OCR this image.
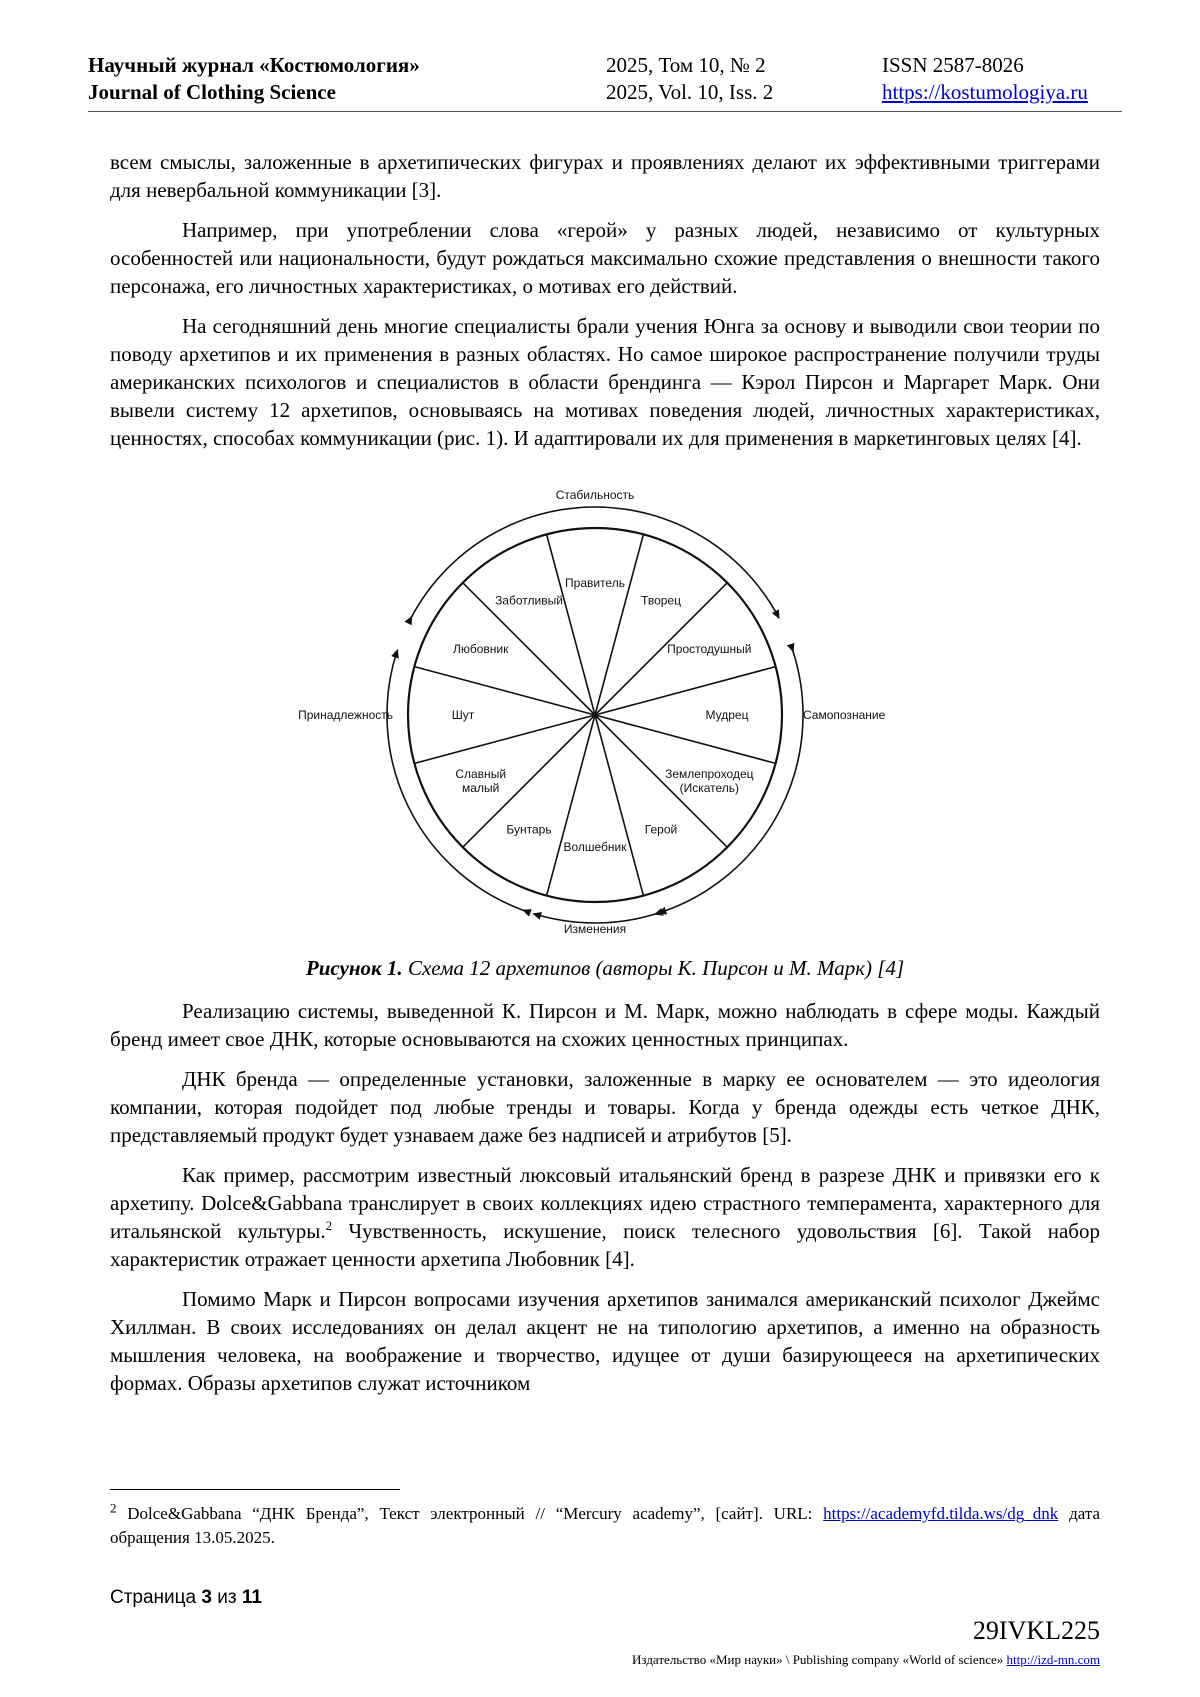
Научный журнал «Костюмология»
Journal of Clothing Science
2025, Том 10, № 2
2025, Vol. 10, Iss. 2
ISSN 2587-8026
https://kostumologiya.ru

всем смыслы, заложенные в архетипических фигурах и проявлениях делают их эффективными триггерами для невербальной коммуникации [3].

Например, при употреблении слова «герой» у разных людей, независимо от культурных особенностей или национальности, будут рождаться максимально схожие представления о внешности такого персонажа, его личностных характеристиках, о мотивах его действий.

На сегодняшний день многие специалисты брали учения Юнга за основу и выводили свои теории по поводу архетипов и их применения в разных областях. Но самое широкое распространение получили труды американских психологов и специалистов в области брендинга — Кэрол Пирсон и Маргарет Марк. Они вывели систему 12 архетипов, основываясь на мотивах поведения людей, личностных характеристиках, ценностях, способах коммуникации (рис. 1). И адаптировали их для применения в маркетинговых целях [4].

Правитель
Творец
Простодушный
Мудрец
Землепроходец (Искатель)
Герой
Волшебник
Бунтарь
Славный малый
Шут
Любовник
Заботливый
Стабильность
Самопознание
Изменения
Принадлежность
Рисунок 1. Схема 12 архетипов (авторы К. Пирсон и М. Марк) [4]

Реализацию системы, выведенной К. Пирсон и М. Марк, можно наблюдать в сфере моды. Каждый бренд имеет свое ДНК, которые основываются на схожих ценностных принципах.

ДНК бренда — определенные установки, заложенные в марку ее основателем — это идеология компании, которая подойдет под любые тренды и товары. Когда у бренда одежды есть четкое ДНК, представляемый продукт будет узнаваем даже без надписей и атрибутов [5].

Как пример, рассмотрим известный люксовый итальянский бренд в разрезе ДНК и привязки его к архетипу. Dolce&Gabbana транслирует в своих коллекциях идею страстного темперамента, характерного для итальянской культуры.$^2$ Чувственность, искушение, поиск телесного удовольствия [6]. Такой набор характеристик отражает ценности архетипа Любовник [4].

Помимо Марк и Пирсон вопросами изучения архетипов занимался американский психолог Джеймс Хиллман. В своих исследованиях он делал акцент не на типологию архетипов, а именно на образность мышления человека, на воображение и творчество, идущее от души базирующееся на архетипических формах. Образы архетипов служат источником

$^2$ Dolce&Gabbana “ДНК Бренда”, Текст электронный // “Mercury academy”, [сайт]. URL: https://academyfd.tilda.ws/dg_dnk дата обращения 13.05.2025.
Страница 3 из 11
29IVKL225
Издательство «Мир науки» \ Publishing company «World of science» http://izd-mn.com
